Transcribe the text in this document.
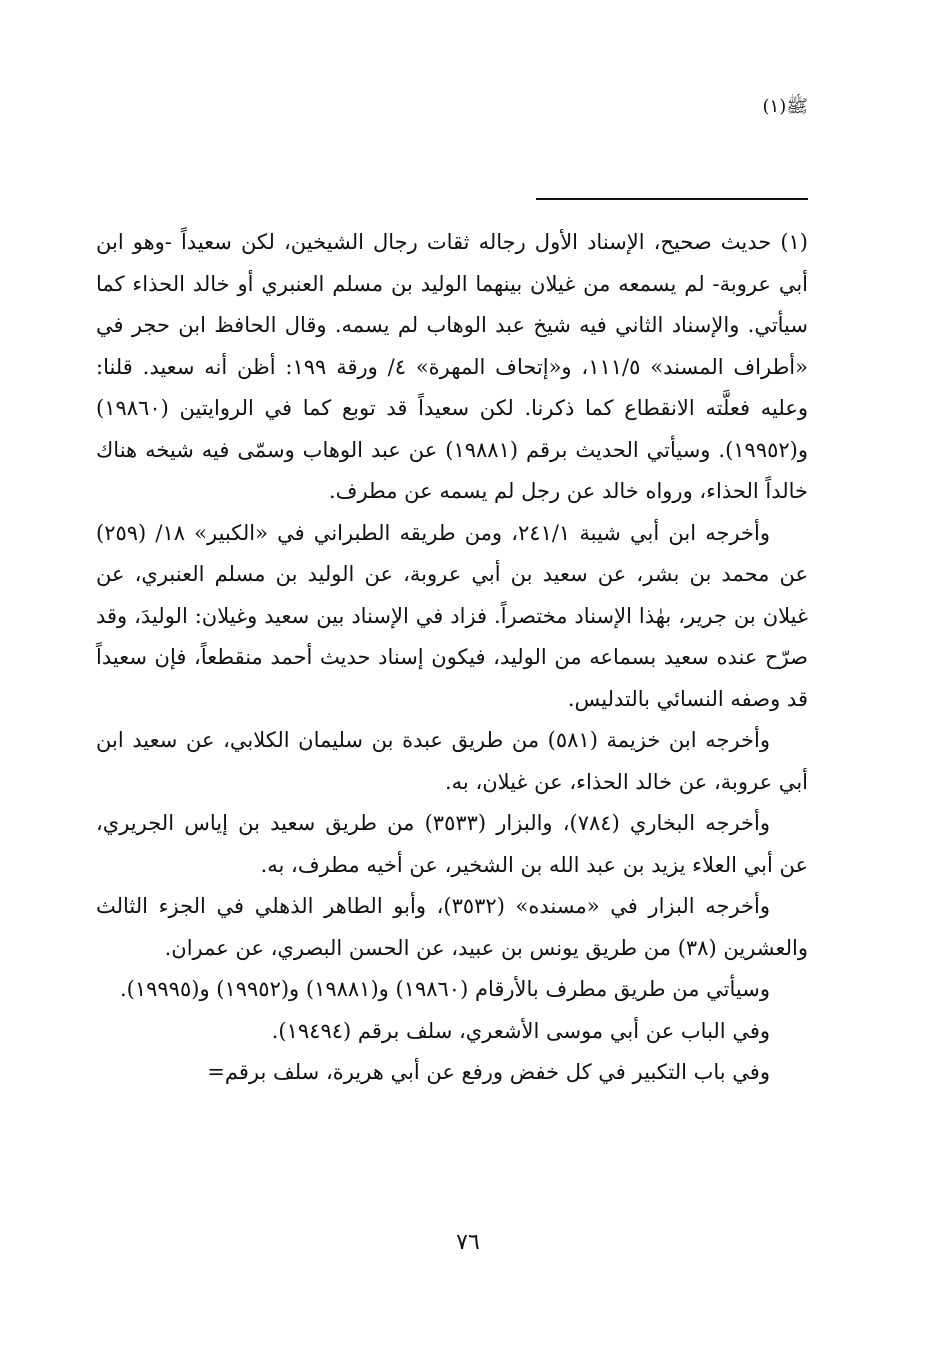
ﷺ(١)

(١) حديث صحيح، الإسناد الأول رجاله ثقات رجال الشيخين، لكن سعيداً -وهو ابن أبي عروبة- لم يسمعه من غيلان بينهما الوليد بن مسلم العنبري أو خالد الحذاء كما سيأتي. والإسناد الثاني فيه شيخ عبد الوهاب لم يسمه. وقال الحافظ ابن حجر في «أطراف المسند» ١١١/٥، و«إتحاف المهرة» ٤/ ورقة ١٩٩: أظن أنه سعيد. قلنا: وعليه فعلَّته الانقطاع كما ذكرنا. لكن سعيداً قد توبع كما في الروايتين (١٩٨٦٠) و(١٩٩٥٢). وسيأتي الحديث برقم (١٩٨٨١) عن عبد الوهاب وسمّى فيه شيخه هناك خالداً الحذاء، ورواه خالد عن رجل لم يسمه عن مطرف.

وأخرجه ابن أبي شيبة ٢٤١/١، ومن طريقه الطبراني في «الكبير» ١٨/ (٢٥٩) عن محمد بن بشر، عن سعيد بن أبي عروبة، عن الوليد بن مسلم العنبري، عن غيلان بن جرير، بهٰذا الإسناد مختصراً. فزاد في الإسناد بين سعيد وغيلان: الوليدَ، وقد صرّح عنده سعيد بسماعه من الوليد، فيكون إسناد حديث أحمد منقطعاً، فإن سعيداً قد وصفه النسائي بالتدليس.

وأخرجه ابن خزيمة (٥٨١) من طريق عبدة بن سليمان الكلابي، عن سعيد ابن أبي عروبة، عن خالد الحذاء، عن غيلان، به.

وأخرجه البخاري (٧٨٤)، والبزار (٣٥٣٣) من طريق سعيد بن إياس الجريري، عن أبي العلاء يزيد بن عبد الله بن الشخير، عن أخيه مطرف، به.

وأخرجه البزار في «مسنده» (٣٥٣٢)، وأبو الطاهر الذهلي في الجزء الثالث والعشرين (٣٨) من طريق يونس بن عبيد، عن الحسن البصري، عن عمران.

وسيأتي من طريق مطرف بالأرقام (١٩٨٦٠) و(١٩٨٨١) و(١٩٩٥٢) و(١٩٩٩٥).

وفي الباب عن أبي موسى الأشعري، سلف برقم (١٩٤٩٤).

وفي باب التكبير في كل خفض ورفع عن أبي هريرة، سلف برقم=

٧٦
